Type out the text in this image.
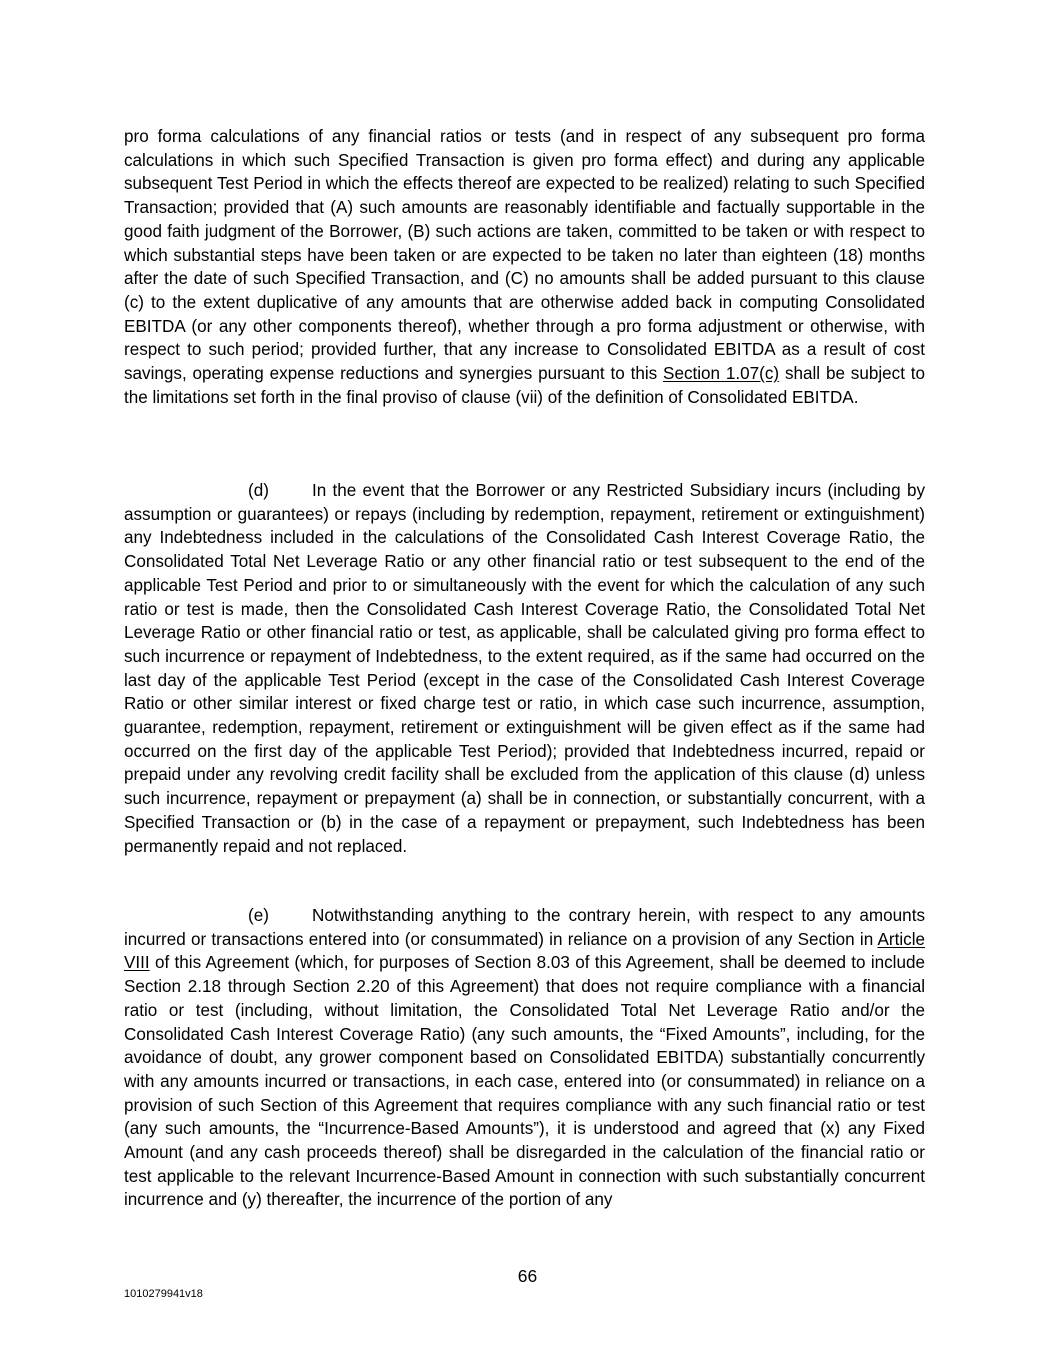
pro forma calculations of any financial ratios or tests (and in respect of any subsequent pro forma calculations in which such Specified Transaction is given pro forma effect) and during any applicable subsequent Test Period in which the effects thereof are expected to be realized) relating to such Specified Transaction; provided that (A) such amounts are reasonably identifiable and factually supportable in the good faith judgment of the Borrower, (B) such actions are taken, committed to be taken or with respect to which substantial steps have been taken or are expected to be taken no later than eighteen (18) months after the date of such Specified Transaction, and (C) no amounts shall be added pursuant to this clause (c) to the extent duplicative of any amounts that are otherwise added back in computing Consolidated EBITDA (or any other components thereof), whether through a pro forma adjustment or otherwise, with respect to such period; provided further, that any increase to Consolidated EBITDA as a result of cost savings, operating expense reductions and synergies pursuant to this Section 1.07(c) shall be subject to the limitations set forth in the final proviso of clause (vii) of the definition of Consolidated EBITDA.
(d)	In the event that the Borrower or any Restricted Subsidiary incurs (including by assumption or guarantees) or repays (including by redemption, repayment, retirement or extinguishment) any Indebtedness included in the calculations of the Consolidated Cash Interest Coverage Ratio, the Consolidated Total Net Leverage Ratio or any other financial ratio or test subsequent to the end of the applicable Test Period and prior to or simultaneously with the event for which the calculation of any such ratio or test is made, then the Consolidated Cash Interest Coverage Ratio, the Consolidated Total Net Leverage Ratio or other financial ratio or test, as applicable, shall be calculated giving pro forma effect to such incurrence or repayment of Indebtedness, to the extent required, as if the same had occurred on the last day of the applicable Test Period (except in the case of the Consolidated Cash Interest Coverage Ratio or other similar interest or fixed charge test or ratio, in which case such incurrence, assumption, guarantee, redemption, repayment, retirement or extinguishment will be given effect as if the same had occurred on the first day of the applicable Test Period); provided that Indebtedness incurred, repaid or prepaid under any revolving credit facility shall be excluded from the application of this clause (d) unless such incurrence, repayment or prepayment (a) shall be in connection, or substantially concurrent, with a Specified Transaction or (b) in the case of a repayment or prepayment, such Indebtedness has been permanently repaid and not replaced.
(e)	Notwithstanding anything to the contrary herein, with respect to any amounts incurred or transactions entered into (or consummated) in reliance on a provision of any Section in Article VIII of this Agreement (which, for purposes of Section 8.03 of this Agreement, shall be deemed to include Section 2.18 through Section 2.20 of this Agreement) that does not require compliance with a financial ratio or test (including, without limitation, the Consolidated Total Net Leverage Ratio and/or the Consolidated Cash Interest Coverage Ratio) (any such amounts, the “Fixed Amounts”, including, for the avoidance of doubt, any grower component based on Consolidated EBITDA) substantially concurrently with any amounts incurred or transactions, in each case, entered into (or consummated) in reliance on a provision of such Section of this Agreement that requires compliance with any such financial ratio or test (any such amounts, the “Incurrence-Based Amounts”), it is understood and agreed that (x) any Fixed Amount (and any cash proceeds thereof) shall be disregarded in the calculation of the financial ratio or test applicable to the relevant Incurrence-Based Amount in connection with such substantially concurrent incurrence and (y) thereafter, the incurrence of the portion of any
66
1010279941v18
